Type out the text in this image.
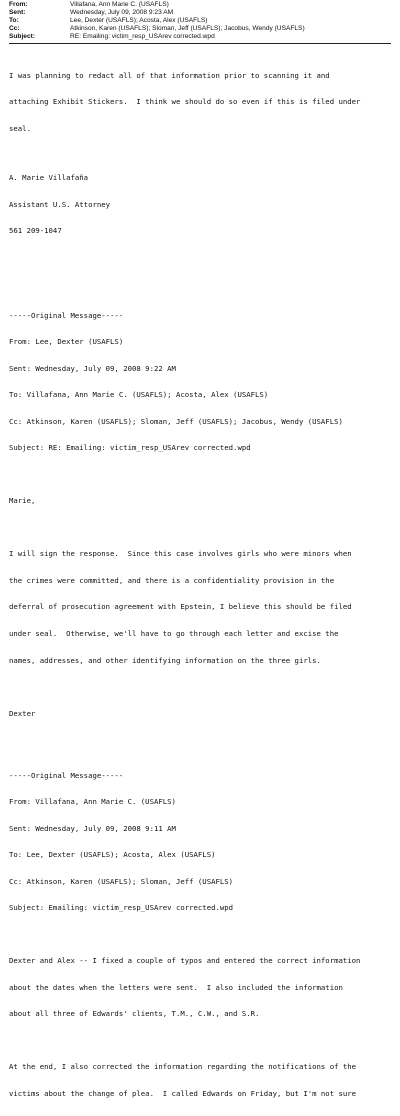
From:	Villafana, Ann Marie C. (USAFLS)
Sent:	Wednesday, July 09, 2008 9:23 AM
To:	Lee, Dexter (USAFLS); Acosta, Alex (USAFLS)
Cc:	Atkinson, Karen (USAFLS); Sloman, Jeff (USAFLS); Jacobus, Wendy (USAFLS)
Subject:	RE: Emailing: victim_resp_USArev corrected.wpd

I was planning to redact all of that information prior to scanning it and

attaching Exhibit Stickers.  I think we should do so even if this is filed under

seal.

A. Marie Villafaña

Assistant U.S. Attorney

561 209-1047

-----Original Message-----

From: Lee, Dexter (USAFLS)

Sent: Wednesday, July 09, 2008 9:22 AM

To: Villafana, Ann Marie C. (USAFLS); Acosta, Alex (USAFLS)

Cc: Atkinson, Karen (USAFLS); Sloman, Jeff (USAFLS); Jacobus, Wendy (USAFLS)

Subject: RE: Emailing: victim_resp_USArev corrected.wpd

Marie,

I will sign the response.  Since this case involves girls who were minors when

the crimes were committed, and there is a confidentiality provision in the

deferral of prosecution agreement with Epstein, I believe this should be filed

under seal.  Otherwise, we'll have to go through each letter and excise the

names, addresses, and other identifying information on the three girls.

Dexter

-----Original Message-----

From: Villafana, Ann Marie C. (USAFLS)

Sent: Wednesday, July 09, 2008 9:11 AM

To: Lee, Dexter (USAFLS); Acosta, Alex (USAFLS)

Cc: Atkinson, Karen (USAFLS); Sloman, Jeff (USAFLS)

Subject: Emailing: victim_resp_USArev corrected.wpd

Dexter and Alex -- I fixed a couple of typos and entered the correct information

about the dates when the letters were sent.  I also included the information

about all three of Edwards' clients, T.M., C.W., and S.R.

At the end, I also corrected the information regarding the notifications of the

victims about the change of plea.  I called Edwards on Friday, but I'm not sure
